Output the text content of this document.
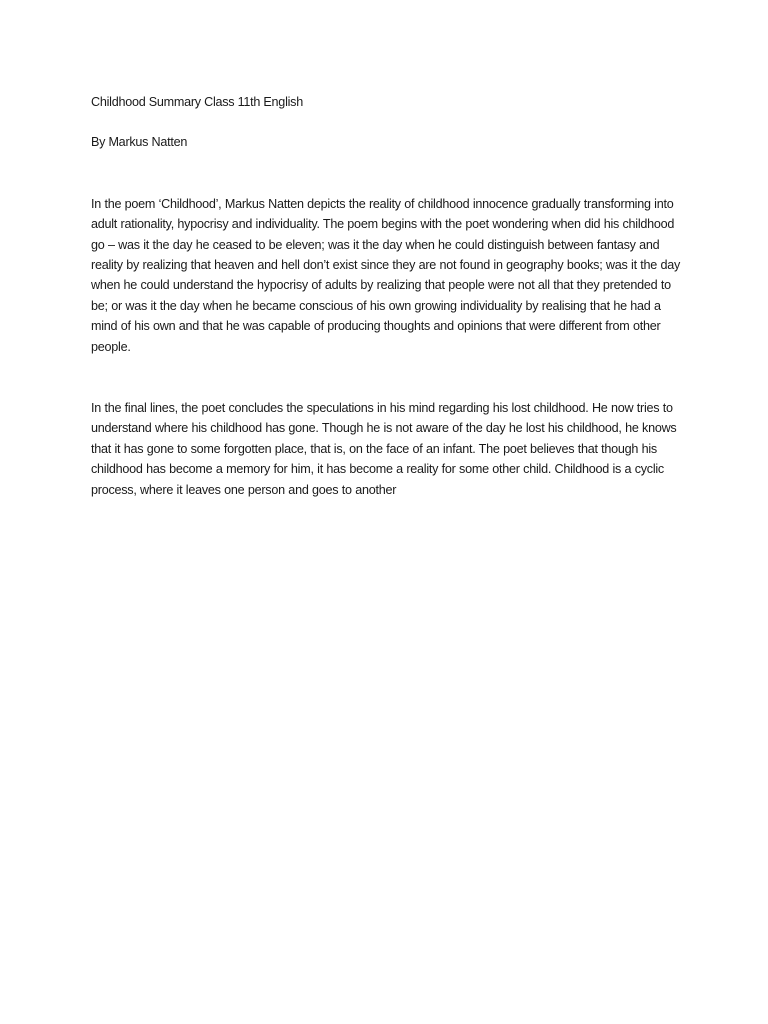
Childhood Summary Class 11th English

By Markus Natten

In the poem ‘Childhood’, Markus Natten depicts the reality of childhood innocence gradually transforming into adult rationality, hypocrisy and individuality. The poem begins with the poet wondering when did his childhood go – was it the day he ceased to be eleven; was it the day when he could distinguish between fantasy and reality by realizing that heaven and hell don’t exist since they are not found in geography books; was it the day when he could understand the hypocrisy of adults by realizing that people were not all that they pretended to be; or was it the day when he became conscious of his own growing individuality by realising that he had a mind of his own and that he was capable of producing thoughts and opinions that were different from other people.

In the final lines, the poet concludes the speculations in his mind regarding his lost childhood. He now tries to understand where his childhood has gone. Though he is not aware of the day he lost his childhood, he knows that it has gone to some forgotten place, that is, on the face of an infant. The poet believes that though his childhood has become a memory for him, it has become a reality for some other child. Childhood is a cyclic process, where it leaves one person and goes to another
